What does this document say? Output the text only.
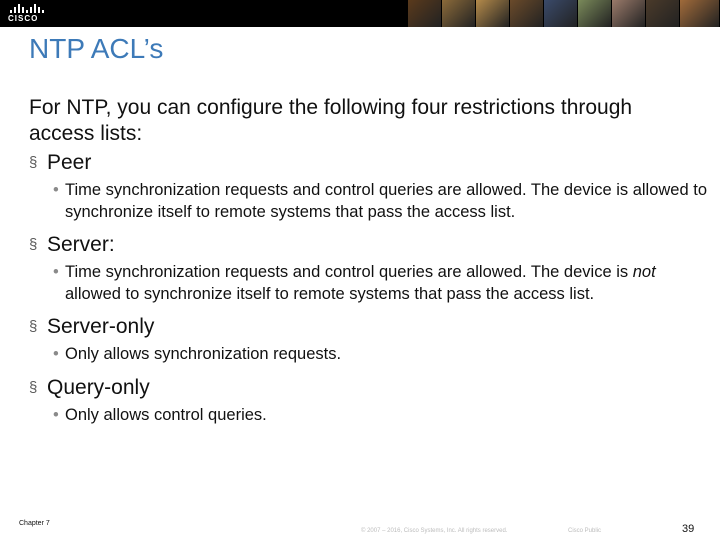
CISCO
NTP ACL’s

For NTP, you can configure the following four restrictions through access lists:

§ Peer

• Time synchronization requests and control queries are allowed. The device is allowed to synchronize itself to remote systems that pass the access list.

§ Server:

• Time synchronization requests and control queries are allowed. The device is not allowed to synchronize itself to remote systems that pass the access list.

§ Server-only

• Only allows synchronization requests.

§ Query-only

• Only allows control queries.

Chapter 7
© 2007 – 2016, Cisco Systems, Inc. All rights reserved.	Cisco Public	39
